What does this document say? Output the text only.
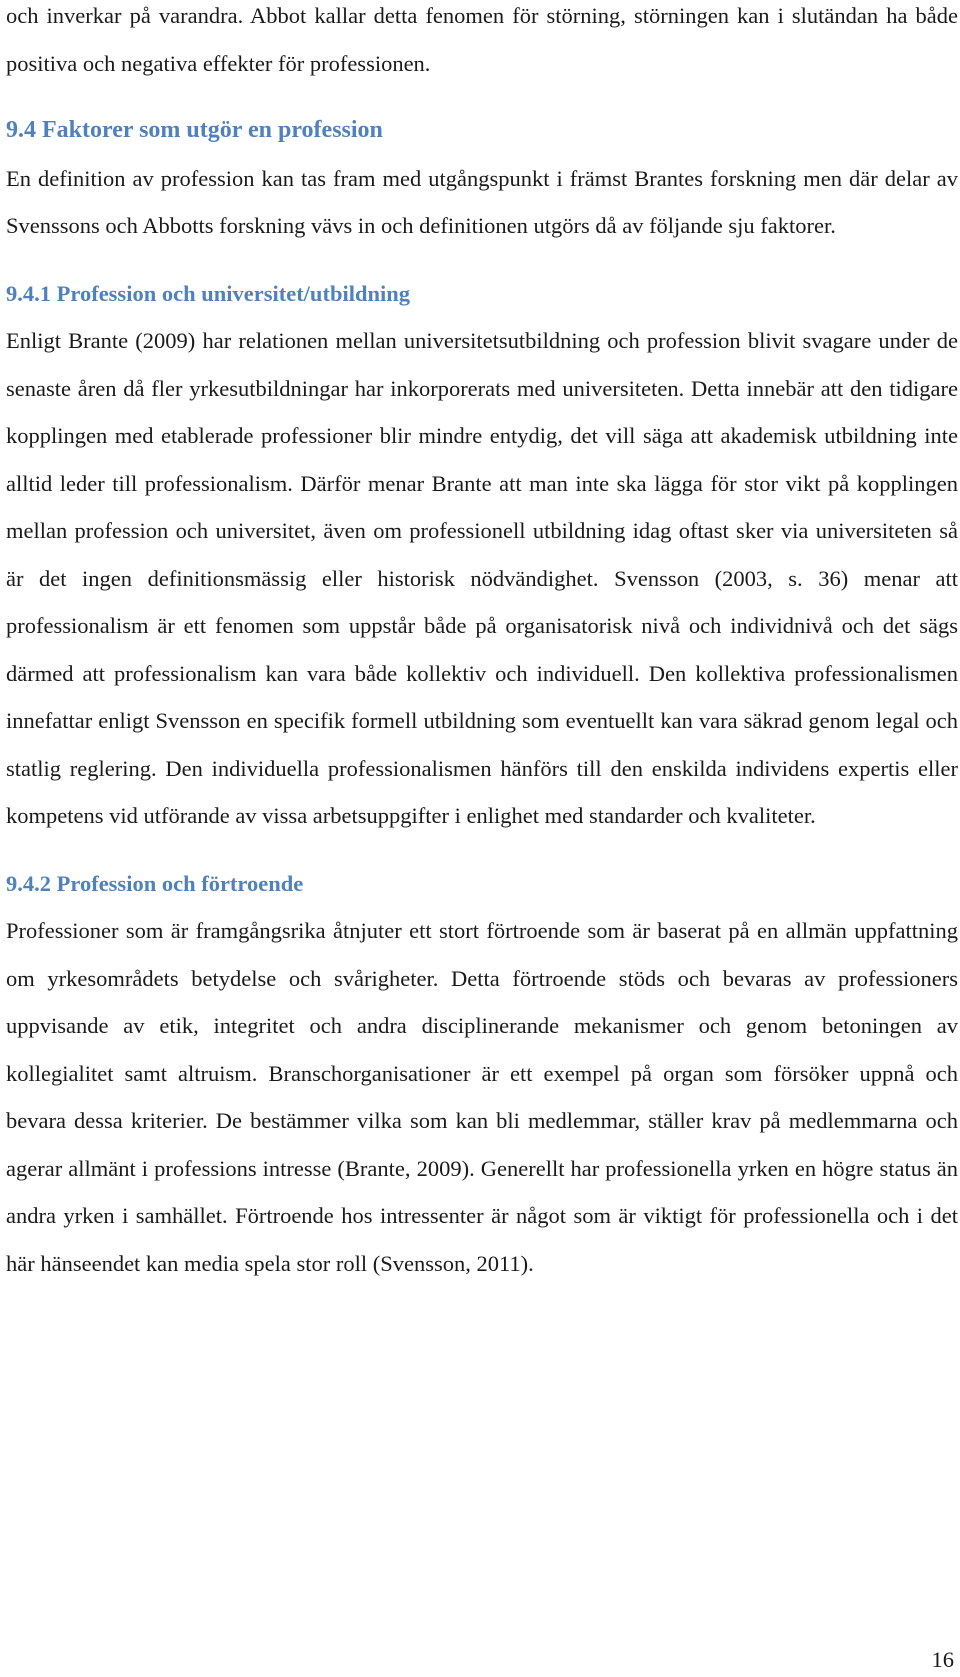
och inverkar på varandra. Abbot kallar detta fenomen för störning, störningen kan i slutändan ha både positiva och negativa effekter för professionen.

9.4 Faktorer som utgör en profession

En definition av profession kan tas fram med utgångspunkt i främst Brantes forskning men där delar av Svenssons och Abbotts forskning vävs in och definitionen utgörs då av följande sju faktorer.

9.4.1 Profession och universitet/utbildning

Enligt Brante (2009) har relationen mellan universitetsutbildning och profession blivit svagare under de senaste åren då fler yrkesutbildningar har inkorporerats med universiteten. Detta innebär att den tidigare kopplingen med etablerade professioner blir mindre entydig, det vill säga att akademisk utbildning inte alltid leder till professionalism. Därför menar Brante att man inte ska lägga för stor vikt på kopplingen mellan profession och universitet, även om professionell utbildning idag oftast sker via universiteten så är det ingen definitionsmässig eller historisk nödvändighet. Svensson (2003, s. 36) menar att professionalism är ett fenomen som uppstår både på organisatorisk nivå och individnivå och det sägs därmed att professionalism kan vara både kollektiv och individuell. Den kollektiva professionalismen innefattar enligt Svensson en specifik formell utbildning som eventuellt kan vara säkrad genom legal och statlig reglering. Den individuella professionalismen hänförs till den enskilda individens expertis eller kompetens vid utförande av vissa arbetsuppgifter i enlighet med standarder och kvaliteter.

9.4.2 Profession och förtroende

Professioner som är framgångsrika åtnjuter ett stort förtroende som är baserat på en allmän uppfattning om yrkesområdets betydelse och svårigheter. Detta förtroende stöds och bevaras av professioners uppvisande av etik, integritet och andra disciplinerande mekanismer och genom betoningen av kollegialitet samt altruism. Branschorganisationer är ett exempel på organ som försöker uppnå och bevara dessa kriterier. De bestämmer vilka som kan bli medlemmar, ställer krav på medlemmarna och agerar allmänt i professions intresse (Brante, 2009). Generellt har professionella yrken en högre status än andra yrken i samhället. Förtroende hos intressenter är något som är viktigt för professionella och i det här hänseendet kan media spela stor roll (Svensson, 2011).

16
